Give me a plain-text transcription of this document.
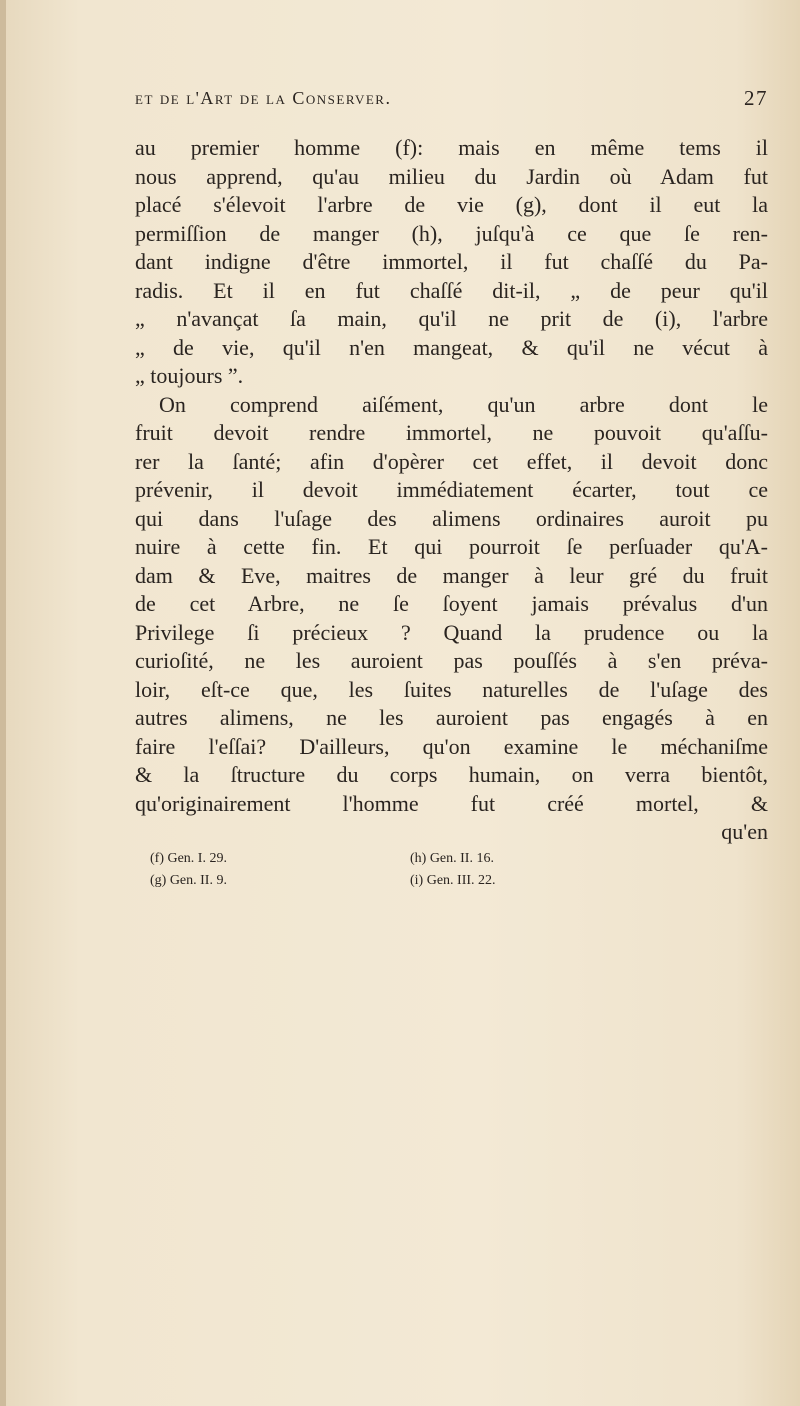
et de l'Art de la Conserver.	27
au premier homme (f): mais en même tems il
nous apprend, qu'au milieu du Jardin où Adam fut
placé s'élevoit l'arbre de vie (g), dont il eut la
permiſſion de manger (h), juſqu'à ce que ſe ren-
dant indigne d'être immortel, il fut chaſſé du Pa-
radis. Et il en fut chaſſé dit-il, „ de peur qu'il
„ n'avançat ſa main, qu'il ne prit de (i), l'arbre
„ de vie, qu'il n'en mangeat, & qu'il ne vécut à
„ toujours ”.
On comprend aiſément, qu'un arbre dont le
fruit devoit rendre immortel, ne pouvoit qu'aſſu-
rer la ſanté; afin d'opèrer cet effet, il devoit donc
prévenir, il devoit immédiatement écarter, tout ce
qui dans l'uſage des alimens ordinaires auroit pu
nuire à cette fin. Et qui pourroit ſe perſuader qu'A-
dam & Eve, maitres de manger à leur gré du fruit
de cet Arbre, ne ſe ſoyent jamais prévalus d'un
Privilege ſi précieux ? Quand la prudence ou la
curioſité, ne les auroient pas pouſſés à s'en préva-
loir, eſt-ce que, les ſuites naturelles de l'uſage des
autres alimens, ne les auroient pas engagés à en
faire l'eſſai? D'ailleurs, qu'on examine le méchaniſme
& la ſtructure du corps humain, on verra bientôt,
qu'originairement l'homme fut créé mortel, &
qu'en
(f) Gen. I. 29.	(h) Gen. II. 16.
(g) Gen. II. 9.	(i) Gen. III. 22.
